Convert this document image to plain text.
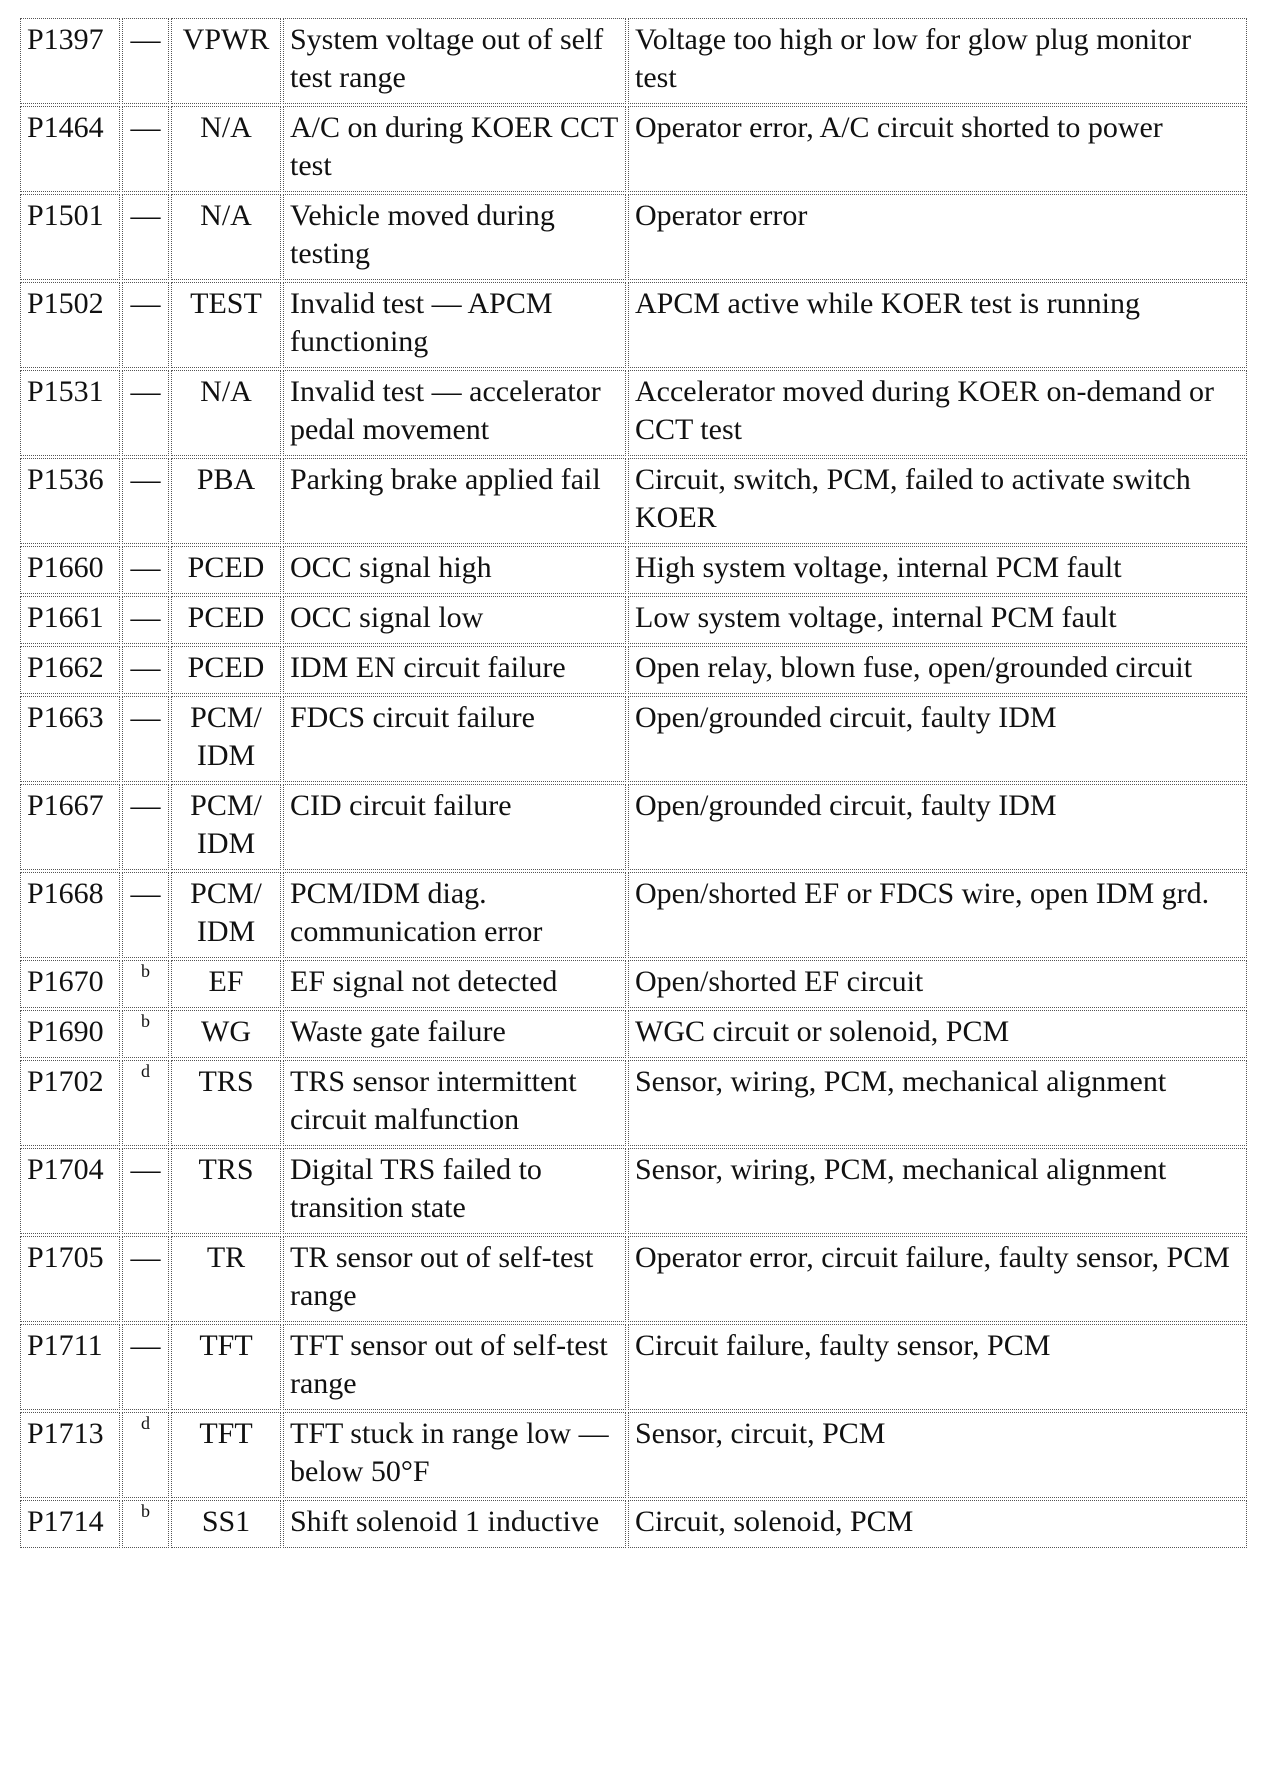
P1397	—	VPWR	System voltage out of self test range	Voltage too high or low for glow plug monitor test
P1464	—	N/A	A/C on during KOER CCT test	Operator error, A/C circuit shorted to power
P1501	—	N/A	Vehicle moved during testing	Operator error
P1502	—	TEST	Invalid test — APCM functioning	APCM active while KOER test is running
P1531	—	N/A	Invalid test — accelerator pedal movement	Accelerator moved during KOER on-demand or CCT test
P1536	—	PBA	Parking brake applied fail	Circuit, switch, PCM, failed to activate switch KOER
P1660	—	PCED	OCC signal high	High system voltage, internal PCM fault
P1661	—	PCED	OCC signal low	Low system voltage, internal PCM fault
P1662	—	PCED	IDM EN circuit failure	Open relay, blown fuse, open/grounded circuit
P1663	—	PCM/ IDM	FDCS circuit failure	Open/grounded circuit, faulty IDM
P1667	—	PCM/ IDM	CID circuit failure	Open/grounded circuit, faulty IDM
P1668	—	PCM/ IDM	PCM/IDM diag. communication error	Open/shorted EF or FDCS wire, open IDM grd.
P1670	$^b$	EF	EF signal not detected	Open/shorted EF circuit
P1690	$^b$	WG	Waste gate failure	WGC circuit or solenoid, PCM
P1702	$^d$	TRS	TRS sensor intermittent circuit malfunction	Sensor, wiring, PCM, mechanical alignment
P1704	—	TRS	Digital TRS failed to transition state	Sensor, wiring, PCM, mechanical alignment
P1705	—	TR	TR sensor out of self-test range	Operator error, circuit failure, faulty sensor, PCM
P1711	—	TFT	TFT sensor out of self-test range	Circuit failure, faulty sensor, PCM
P1713	$^d$	TFT	TFT stuck in range low — below 50°F	Sensor, circuit, PCM
P1714	$^b$	SS1	Shift solenoid 1 inductive	Circuit, solenoid, PCM
